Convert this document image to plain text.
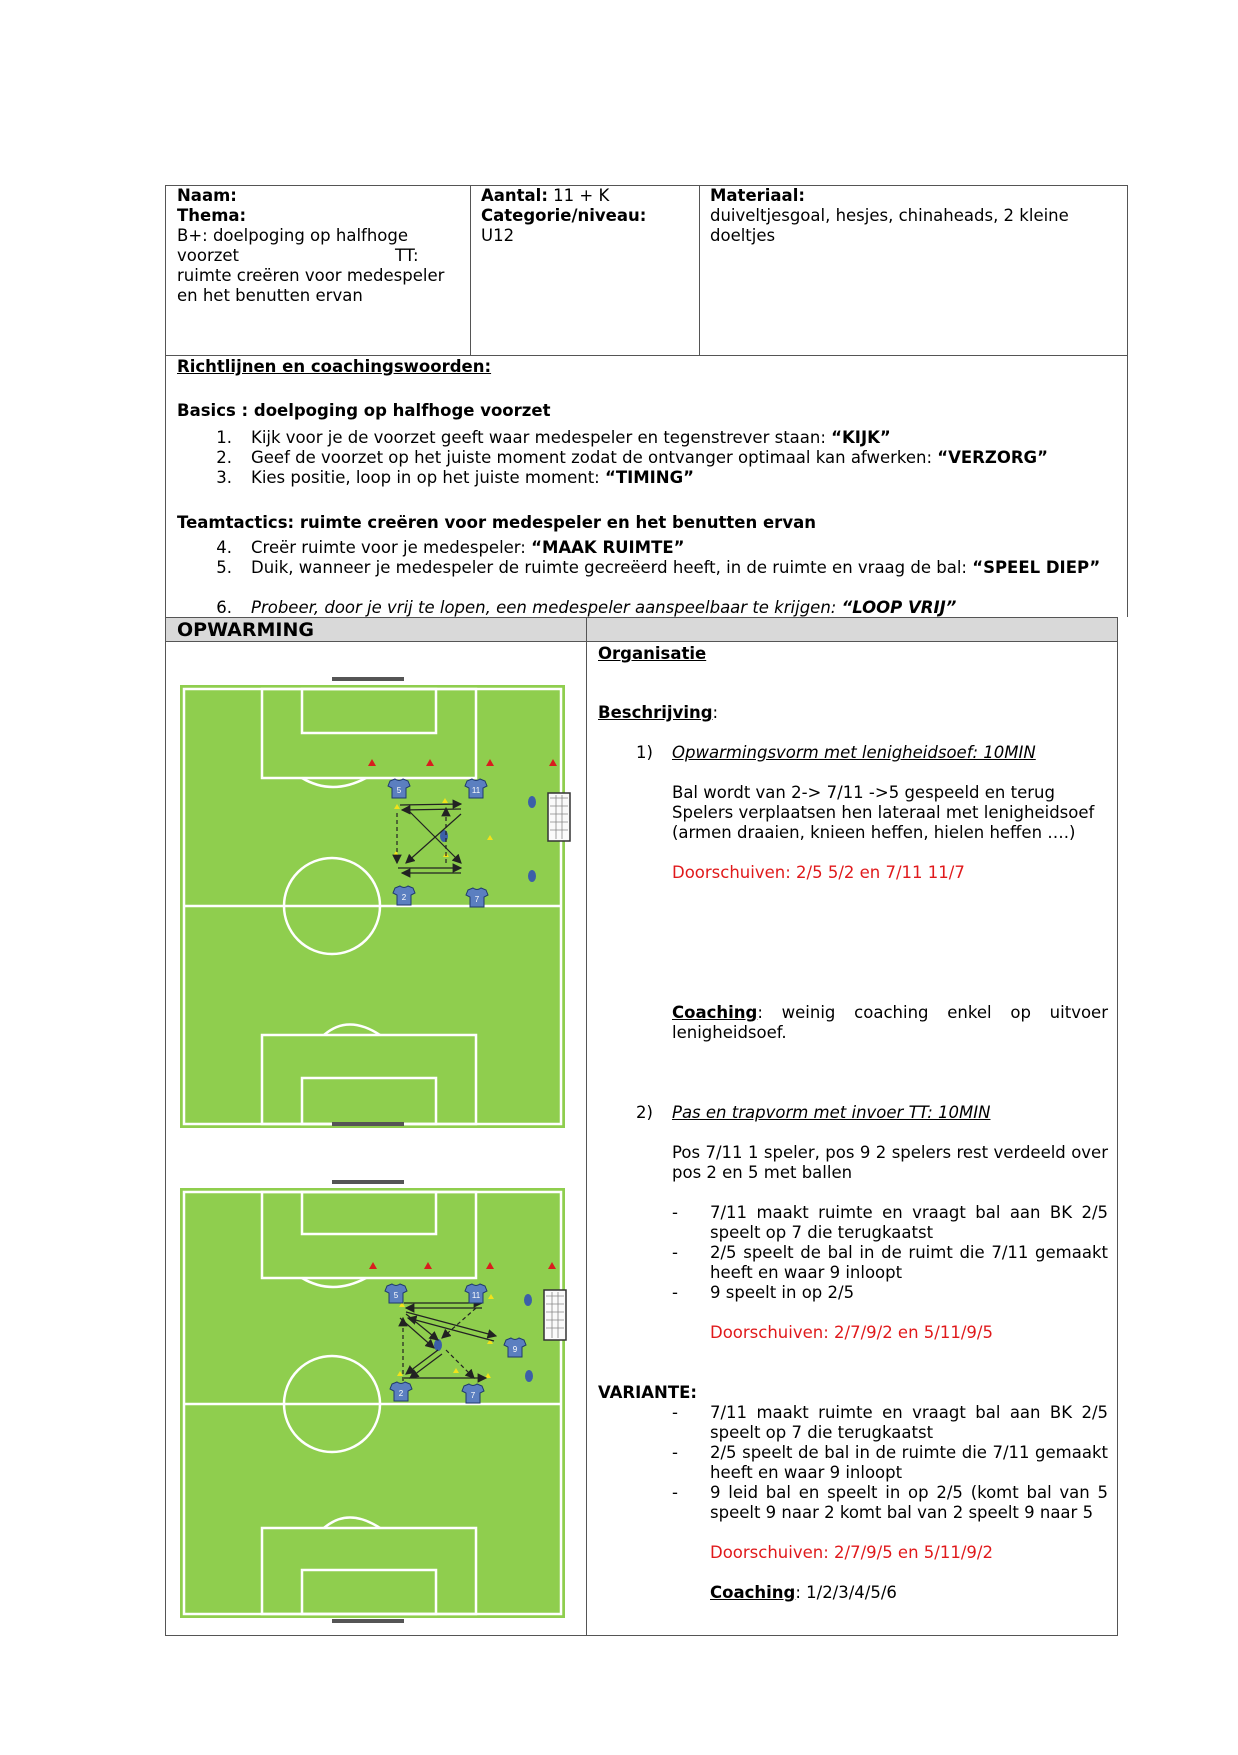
Naam:
Thema:
B+: doelpoging op halfhoge
voorzet	TT:
ruimte creëren voor medespeler
en het benutten ervan
Aantal: 11 + K
Categorie/niveau:
U12
Materiaal:
duiveltjesgoal, hesjes, chinaheads, 2 kleine
doeltjes
Richtlijnen en coachingswoorden:
Basics : doelpoging op halfhoge voorzet
1. Kijk voor je de voorzet geeft waar medespeler en tegenstrever staan: “KIJK”
2. Geef de voorzet op het juiste moment zodat de ontvanger optimaal kan afwerken: “VERZORG”
3. Kies positie, loop in op het juiste moment: “TIMING”
Teamtactics: ruimte creëren voor medespeler en het benutten ervan
4. Creër ruimte voor je medespeler: “MAAK RUIMTE”
5. Duik, wanneer je medespeler de ruimte gecreëerd heeft, in de ruimte en vraag de bal: “SPEEL DIEP”
6. Probeer, door je vrij te lopen, een medespeler aanspeelbaar te krijgen: “LOOP VRIJ”
OPWARMING
Organisatie
Beschrijving:
1) Opwarmingsvorm met lenigheidsoef: 10MIN
Bal wordt van 2-> 7/11 ->5 gespeeld en terug
Spelers verplaatsen hen lateraal met lenigheidsoef
(armen draaien, knieen heffen, hielen heffen ….)
Doorschuiven: 2/5 5/2 en 7/11 11/7
Coaching: weinig coaching enkel op uitvoer lenigheidsoef.
2) Pas en trapvorm met invoer TT: 10MIN
Pos 7/11 1 speler, pos 9 2 spelers rest verdeeld over pos 2 en 5 met ballen
- 7/11 maakt ruimte en vraagt bal aan BK 2/5 speelt op 7 die terugkaatst
- 2/5 speelt de bal in de ruimt die 7/11 gemaakt heeft en waar 9 inloopt
- 9 speelt in op 2/5
Doorschuiven: 2/7/9/2 en 5/11/9/5
VARIANTE:
- 7/11 maakt ruimte en vraagt bal aan BK 2/5 speelt op 7 die terugkaatst
- 2/5 speelt de bal in de ruimte die 7/11 gemaakt heeft en waar 9 inloopt
- 9 leid bal en speelt in op 2/5 (komt bal van 5 speelt 9 naar 2 komt bal van 2 speelt 9 naar 5
Doorschuiven: 2/7/9/5 en 5/11/9/2
Coaching: 1/2/3/4/5/6
5	11
2	7
5	11
9
2	7
